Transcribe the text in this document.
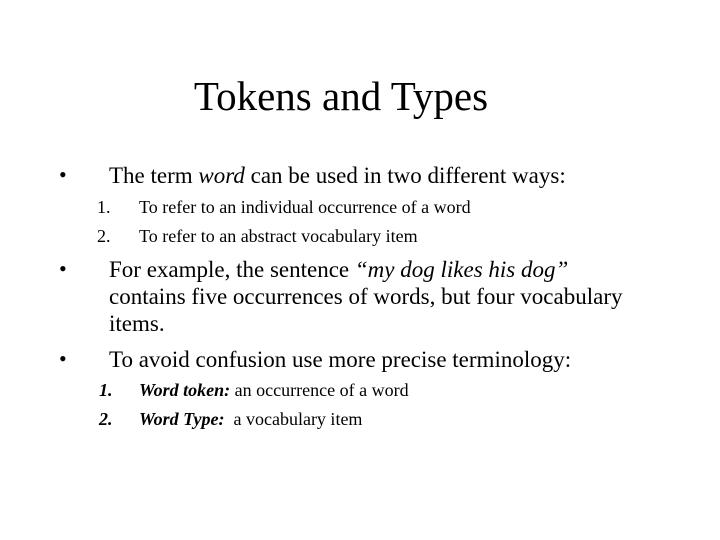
Tokens and Types
• The term word can be used in two different ways:
1. To refer to an individual occurrence of a word
2. To refer to an abstract vocabulary item
• For example, the sentence “my dog likes his dog”
contains five occurrences of words, but four vocabulary
items.
• To avoid confusion use more precise terminology:
1. Word token: an occurrence of a word
2. Word Type:  a vocabulary item
